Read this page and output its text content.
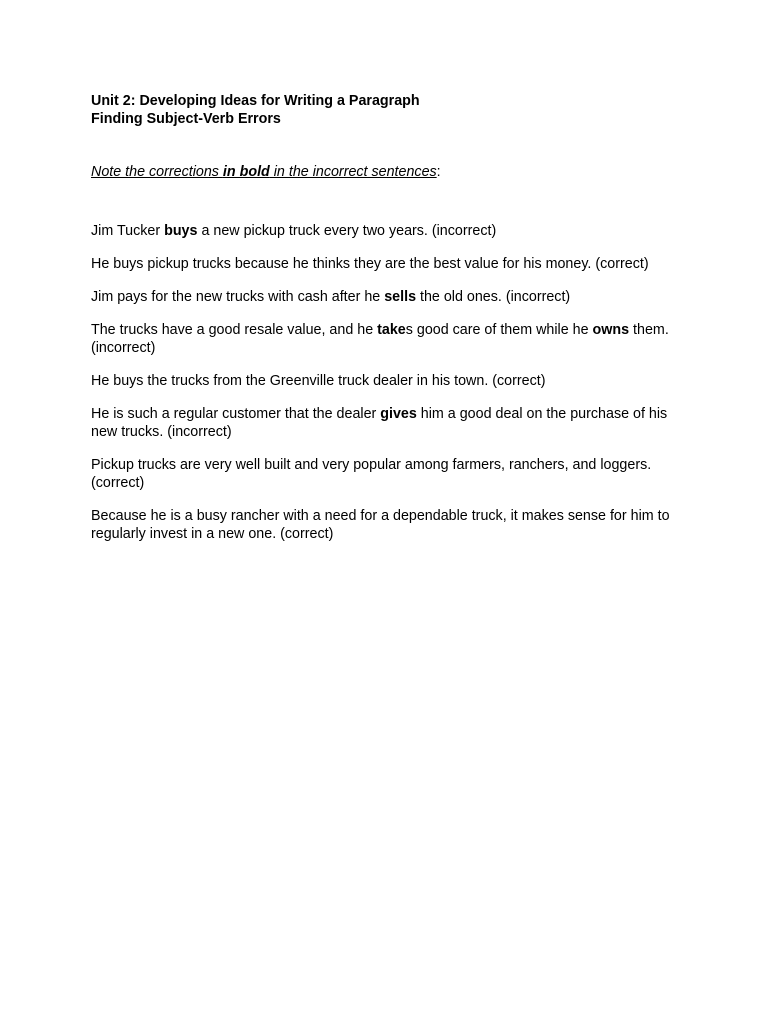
Unit 2: Developing Ideas for Writing a Paragraph
Finding Subject-Verb Errors
Note the corrections in bold in the incorrect sentences:

Jim Tucker buys a new pickup truck every two years. (incorrect)

He buys pickup trucks because he thinks they are the best value for his money. (correct)

Jim pays for the new trucks with cash after he sells the old ones. (incorrect)

The trucks have a good resale value, and he takes good care of them while he owns them. (incorrect)

He buys the trucks from the Greenville truck dealer in his town. (correct)

He is such a regular customer that the dealer gives him a good deal on the purchase of his new trucks. (incorrect)

Pickup trucks are very well built and very popular among farmers, ranchers, and loggers. (correct)

Because he is a busy rancher with a need for a dependable truck, it makes sense for him to regularly invest in a new one. (correct)
